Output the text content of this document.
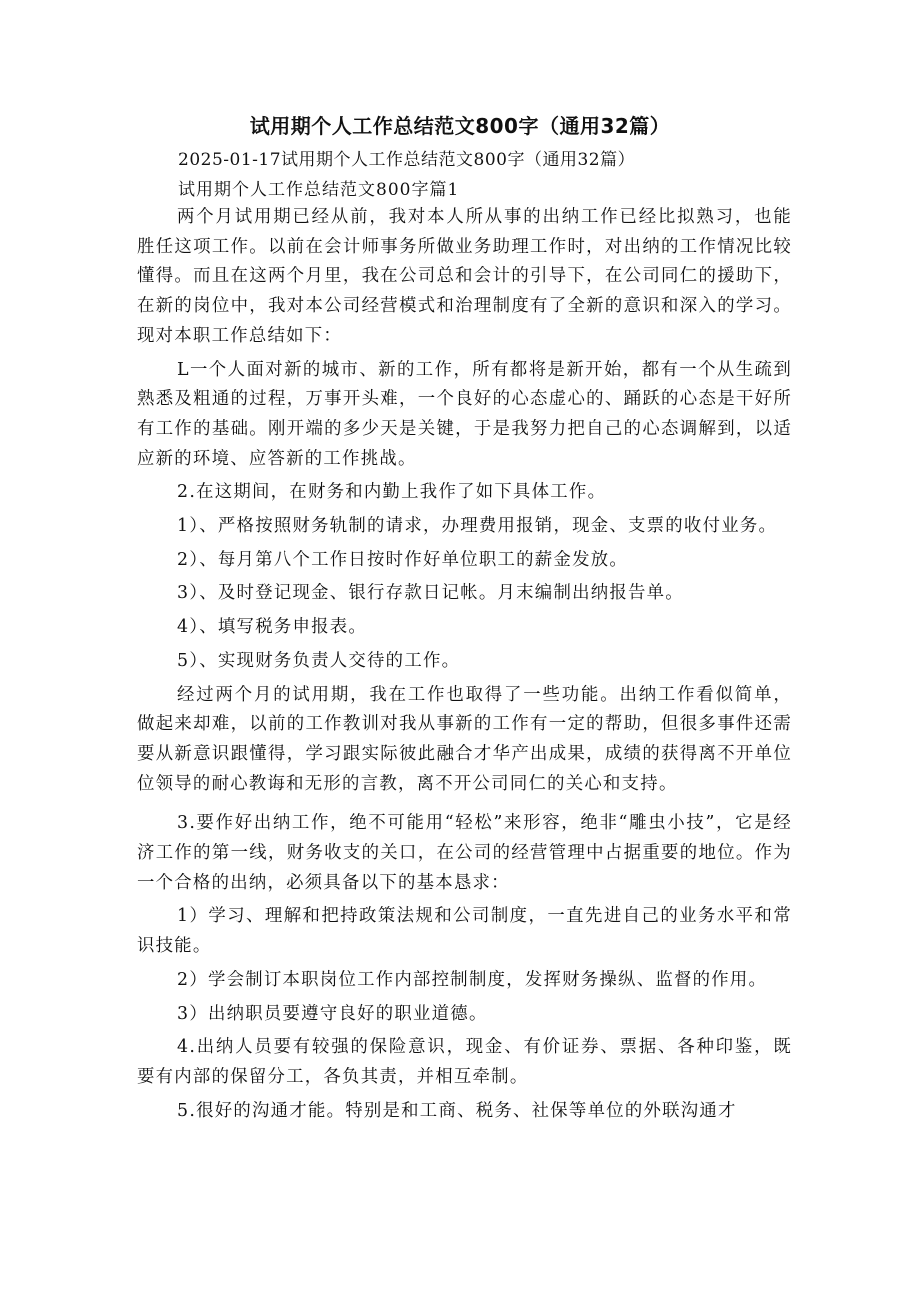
试用期个人工作总结范文800字（通用32篇）
2025-01-17试用期个人工作总结范文800字（通用32篇）
试用期个人工作总结范文800字篇1

两个月试用期已经从前，我对本人所从事的出纳工作已经比拟熟习，也能胜任这项工作。以前在会计师事务所做业务助理工作时，对出纳的工作情况比较懂得。而且在这两个月里，我在公司总和会计的引导下，在公司同仁的援助下，在新的岗位中，我对本公司经营模式和治理制度有了全新的意识和深入的学习。现对本职工作总结如下：

L一个人面对新的城市、新的工作，所有都将是新开始，都有一个从生疏到熟悉及粗通的过程，万事开头难，一个良好的心态虚心的、踊跃的心态是干好所有工作的基础。刚开端的多少天是关键，于是我努力把自己的心态调解到，以适应新的环境、应答新的工作挑战。

2.在这期间，在财务和内勤上我作了如下具体工作。

1）、严格按照财务轨制的请求，办理费用报销，现金、支票的收付业务。

2）、每月第八个工作日按时作好单位职工的薪金发放。

3）、及时登记现金、银行存款日记帐。月末编制出纳报告单。

4）、填写税务申报表。

5）、实现财务负责人交待的工作。

经过两个月的试用期，我在工作也取得了一些功能。出纳工作看似简单，做起来却难，以前的工作教训对我从事新的工作有一定的帮助，但很多事件还需要从新意识跟懂得，学习跟实际彼此融合才华产出成果，成绩的获得离不开单位位领导的耐心教诲和无形的言教，离不开公司同仁的关心和支持。

3.要作好出纳工作，绝不可能用“轻松”来形容，绝非“雕虫小技”，它是经济工作的第一线，财务收支的关口，在公司的经营管理中占据重要的地位。作为一个合格的出纳，必须具备以下的基本恳求：

1）学习、理解和把持政策法规和公司制度，一直先进自己的业务水平和常识技能。

2）学会制订本职岗位工作内部控制制度，发挥财务操纵、监督的作用。

3）出纳职员要遵守良好的职业道德。

4.出纳人员要有较强的保险意识，现金、有价证券、票据、各种印鉴，既要有内部的保留分工，各负其责，并相互牵制。

5.很好的沟通才能。特别是和工商、税务、社保等单位的外联沟通才
